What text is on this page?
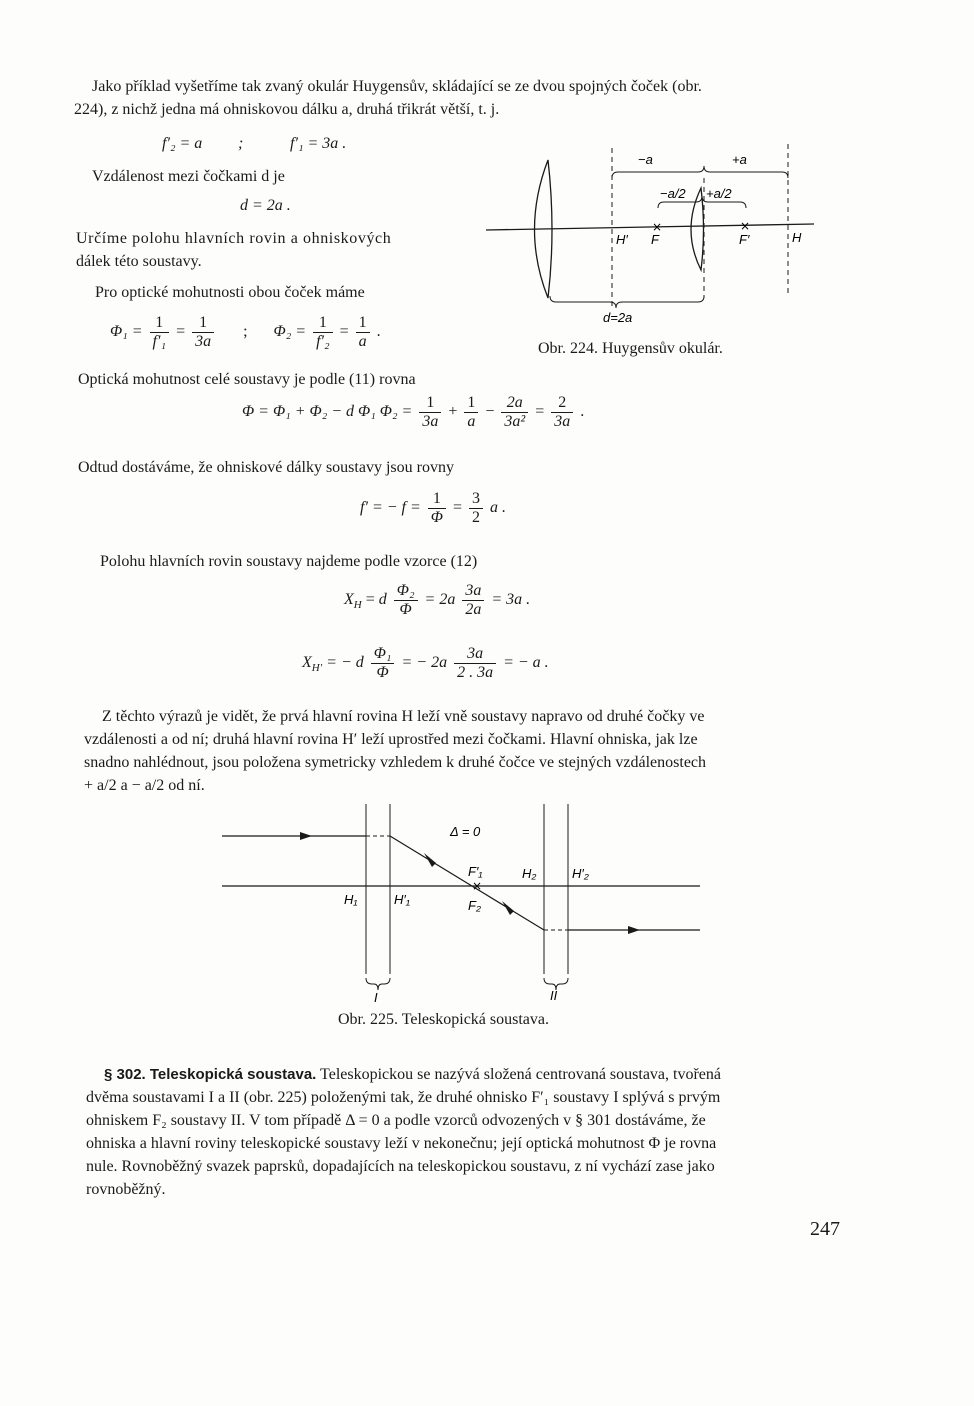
Jako příklad vyšetříme tak zvaný okulár Huygensův, skládající se ze dvou spojných čoček (obr.
224), z nichž jedna má ohniskovou dálku a, druhá třikrát větší, t. j.
f′₂ = a ;	f′₁ = 3a .
Vzdálenost mezi čočkami d je
d = 2a .
Určíme polohu hlavních rovin a ohniskových
dálek této soustavy.
Pro optické mohutnosti obou čoček máme
$\Phi_1 = \frac{1}{\text{f′₁}} = \frac{1}{3a}$ ; $\Phi_2 = \frac{1}{\text{f′₂}} = \frac{1}{a}$ .
−a	+a
−a/2 +a/2
H′ F	F′	H
d=2a
×	×
Obr. 224. Huygensův okulár.
Optická mohutnost celé soustavy je podle (11) rovna
Φ = Φ₁ + Φ₂ − d Φ₁ $\Phi_2 = \frac{1}{3a} + \frac{1}{a} - \frac{2a}{\text{3a²}} = \frac{2}{3a}$ .
Odtud dostáváme, že ohniskové dálky soustavy jsou rovny
f′ = − $f = \frac{1}{\Phi} = \frac{3}{2}$ a .
Polohu hlavních rovin soustavy najdeme podle vzorce (12)
$X_H = d \frac{\text{Φ₂}}{\Phi} = 2a \frac{3a}{2a} = 3a$ .
$X_{H'}$ = − d $\frac{\text{Φ₁}}{\Phi}$ = − $2a \frac{3a}{2 . 3a}$ = − a .
Z těchto výrazů je vidět, že prvá hlavní rovina H leží vně soustavy napravo od druhé čočky ve
vzdálenosti a od ní; druhá hlavní rovina H′ leží uprostřed mezi čočkami. Hlavní ohniska, jak lze
snadno nahlédnout, jsou položena symetricky vzhledem k druhé čočce ve stejných vzdálenostech
+ a/2 a − a/2 od ní.
×
Δ = 0
F′₁
F₂
H₁	H′₁
H₂	H′₂
I	II
Obr. 225. Teleskopická soustava.
§ 302. Teleskopická soustava. Teleskopickou se nazývá složená centrovaná soustava, tvořená
dvěma soustavami I a II (obr. 225) položenými tak, že druhé ohnisko F′₁ soustavy I splývá s prvým
ohniskem F₂ soustavy II. V tom případě Δ = 0 a podle vzorců odvozených v § 301 dostáváme, že
ohniska a hlavní roviny teleskopické soustavy leží v nekonečnu; její optická mohutnost Φ je rovna
nule. Rovnoběžný svazek paprsků, dopadajících na teleskopickou soustavu, z ní vychází zase jako
rovnoběžný.
247
